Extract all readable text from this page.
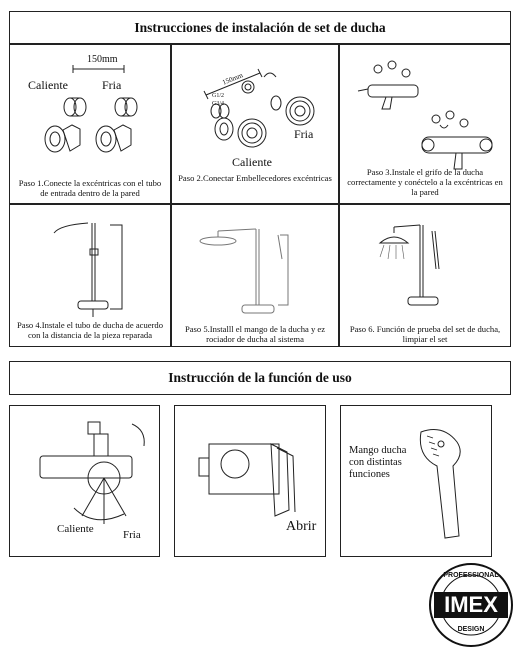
Instrucciones de instalación de set de ducha
150mm
Caliente	Fria
Paso 1.Conecte la excéntricas con el tubo de entrada dentro de la pared
150mm
G1/2
G3/4
Fria
Caliente
Paso 2.Conectar Embellecedores excéntricas
Paso 3.Instale el grifo de la ducha correctamente y conéctelo a la excéntricas en la pared
Paso 4.Instale el tubo de ducha de acuerdo con la distancia de la pieza reparada
Paso 5.Installl el mango de la ducha y ez rociador de ducha al sistema
Paso 6. Función de prueba del set de ducha, limpiar el set
Instrucción de la función de uso
Caliente	Fria
Abrir
Mango ducha
con distintas
funciones
IMEX
PROFESSIONAL
DESIGN
